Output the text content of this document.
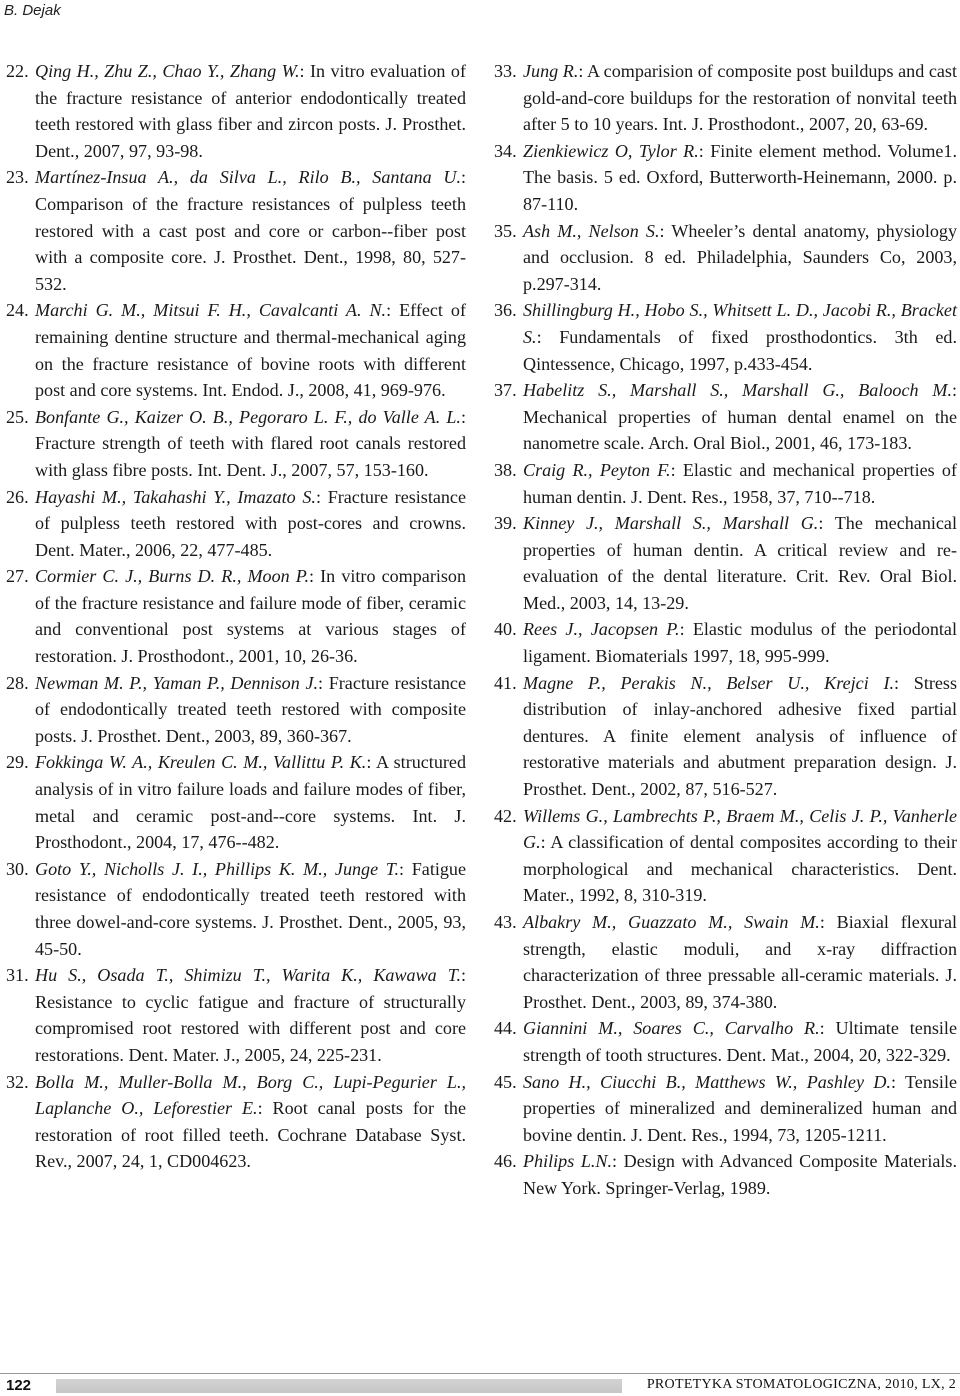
B. Dejak
22. Qing H., Zhu Z., Chao Y., Zhang W.: In vitro evaluation of the fracture resistance of anterior endodontically treated teeth restored with glass fiber and zircon posts. J. Prosthet. Dent., 2007, 97, 93-98.
23. Martínez-Insua A., da Silva L., Rilo B., Santana U.: Comparison of the fracture resistances of pulpless teeth restored with a cast post and core or carbon--fiber post with a composite core. J. Prosthet. Dent., 1998, 80, 527-532.
24. Marchi G. M., Mitsui F. H., Cavalcanti A. N.: Effect of remaining dentine structure and thermal-mechanical aging on the fracture resistance of bovine roots with different post and core systems. Int. Endod. J., 2008, 41, 969-976.
25. Bonfante G., Kaizer O. B., Pegoraro L. F., do Valle A. L.: Fracture strength of teeth with flared root canals restored with glass fibre posts. Int. Dent. J., 2007, 57, 153-160.
26. Hayashi M., Takahashi Y., Imazato S.: Fracture resistance of pulpless teeth restored with post-cores and crowns. Dent. Mater., 2006, 22, 477-485.
27. Cormier C. J., Burns D. R., Moon P.: In vitro comparison of the fracture resistance and failure mode of fiber, ceramic and conventional post systems at various stages of restoration. J. Prosthodont., 2001, 10, 26-36.
28. Newman M. P., Yaman P., Dennison J.: Fracture resistance of endodontically treated teeth restored with composite posts. J. Prosthet. Dent., 2003, 89, 360-367.
29. Fokkinga W. A., Kreulen C. M., Vallittu P. K.: A structured analysis of in vitro failure loads and failure modes of fiber, metal and ceramic post-and--core systems. Int. J. Prosthodont., 2004, 17, 476--482.
30. Goto Y., Nicholls J. I., Phillips K. M., Junge T.: Fatigue resistance of endodontically treated teeth restored with three dowel-and-core systems. J. Prosthet. Dent., 2005, 93, 45-50.
31. Hu S., Osada T., Shimizu T., Warita K., Kawawa T.: Resistance to cyclic fatigue and fracture of structurally compromised root restored with different post and core restorations. Dent. Mater. J., 2005, 24, 225-231.
32. Bolla M., Muller-Bolla M., Borg C., Lupi-Pegurier L., Laplanche O., Leforestier E.: Root canal posts for the restoration of root filled teeth. Cochrane Database Syst. Rev., 2007, 24, 1, CD004623.
33. Jung R.: A comparision of composite post buildups and cast gold-and-core buildups for the restoration of nonvital teeth after 5 to 10 years. Int. J. Prosthodont., 2007, 20, 63-69.
34. Zienkiewicz O, Tylor R.: Finite element method. Volume1. The basis. 5 ed. Oxford, Butterworth-Heinemann, 2000. p. 87-110.
35. Ash M., Nelson S.: Wheeler’s dental anatomy, physiology and occlusion. 8 ed. Philadelphia, Saunders Co, 2003, p.297-314.
36. Shillingburg H., Hobo S., Whitsett L. D., Jacobi R., Bracket S.: Fundamentals of fixed prosthodontics. 3th ed. Qintessence, Chicago, 1997, p.433-454.
37. Habelitz S., Marshall S., Marshall G., Balooch M.: Mechanical properties of human dental enamel on the nanometre scale. Arch. Oral Biol., 2001, 46, 173-183.
38. Craig R., Peyton F.: Elastic and mechanical properties of human dentin. J. Dent. Res., 1958, 37, 710--718.
39. Kinney J., Marshall S., Marshall G.: The mechanical properties of human dentin. A critical review and re-evaluation of the dental literature. Crit. Rev. Oral Biol. Med., 2003, 14, 13-29.
40. Rees J., Jacopsen P.: Elastic modulus of the periodontal ligament. Biomaterials 1997, 18, 995-999.
41. Magne P., Perakis N., Belser U., Krejci I.: Stress distribution of inlay-anchored adhesive fixed partial dentures. A finite element analysis of influence of restorative materials and abutment preparation design. J. Prosthet. Dent., 2002, 87, 516-527.
42. Willems G., Lambrechts P., Braem M., Celis J. P., Vanherle G.: A classification of dental composites according to their morphological and mechanical characteristics. Dent. Mater., 1992, 8, 310-319.
43. Albakry M., Guazzato M., Swain M.: Biaxial flexural strength, elastic moduli, and x-ray diffraction characterization of three pressable all-ceramic materials. J. Prosthet. Dent., 2003, 89, 374-380.
44. Giannini M., Soares C., Carvalho R.: Ultimate tensile strength of tooth structures. Dent. Mat., 2004, 20, 322-329.
45. Sano H., Ciucchi B., Matthews W., Pashley D.: Tensile properties of mineralized and demineralized human and bovine dentin. J. Dent. Res., 1994, 73, 1205-1211.
46. Philips L.N.: Design with Advanced Composite Materials. New York. Springer-Verlag, 1989.
122	PROTETYKA STOMATOLOGICZNA, 2010, LX, 2
